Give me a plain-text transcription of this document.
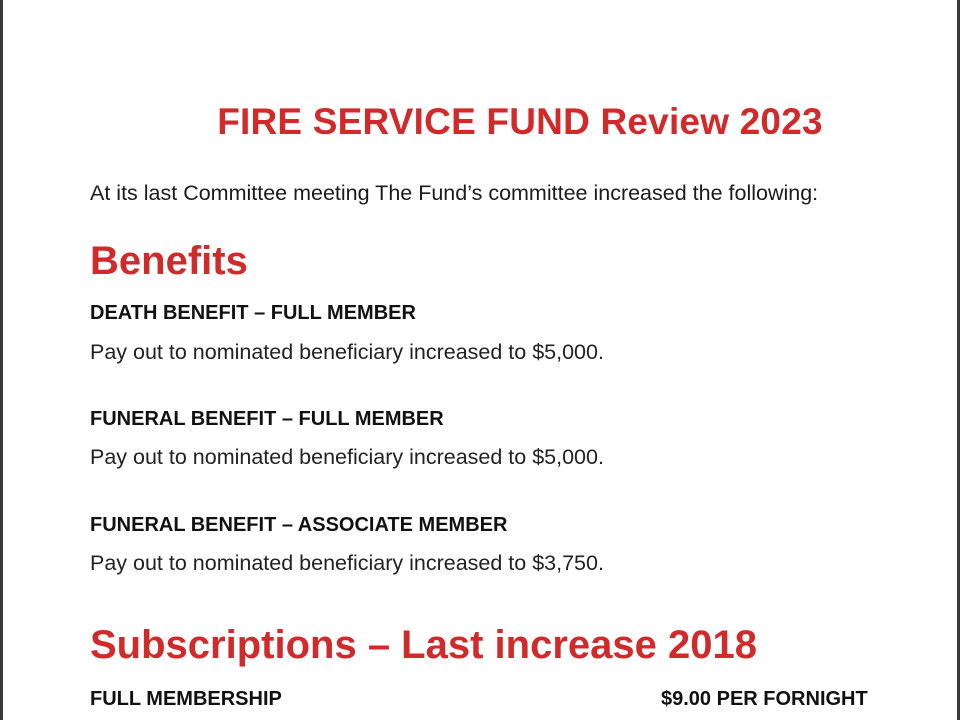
FIRE SERVICE FUND Review 2023
At its last Committee meeting The Fund’s committee increased the following:
Benefits
DEATH BENEFIT – FULL MEMBER
Pay out to nominated beneficiary increased to $5,000.
FUNERAL BENEFIT – FULL MEMBER
Pay out to nominated beneficiary increased to $5,000.
FUNERAL BENEFIT – ASSOCIATE MEMBER
Pay out to nominated beneficiary increased to $3,750.
Subscriptions – Last increase 2018
FULL MEMBERSHIP	$9.00 PER FORNIGHT
